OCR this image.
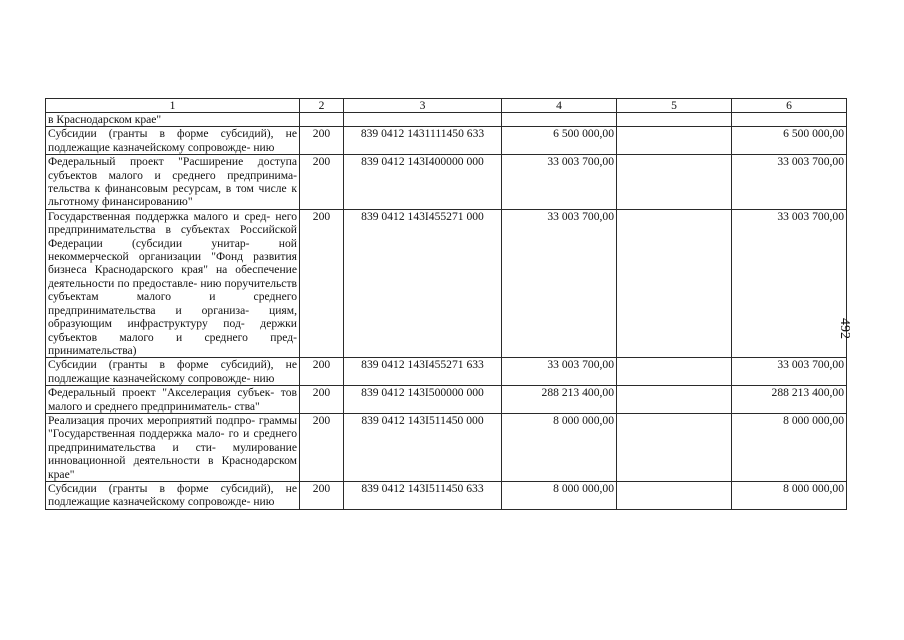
1	2	3	4	5	6
в Краснодарском крае"					
Субсидии (гранты в форме субсидий), не подлежащие казначейскому сопровожде- нию	200	839 0412 1431111450 633	6 500 000,00		6 500 000,00
Федеральный проект "Расширение доступа субъектов малого и среднего предпринима- тельства к финансовым ресурсам, в том числе к льготному финансированию"	200	839 0412 143I400000 000	33 003 700,00		33 003 700,00
Государственная поддержка малого и сред- него предпринимательства в субъектах Российской Федерации (субсидии унитар- ной некоммерческой организации "Фонд развития бизнеса Краснодарского края" на обеспечение деятельности по предоставле- нию поручительств субъектам малого и среднего предпринимательства и организа- циям, образующим инфраструктуру под- держки субъектов малого и среднего пред- принимательства)	200	839 0412 143I455271 000	33 003 700,00		33 003 700,00
Субсидии (гранты в форме субсидий), не подлежащие казначейскому сопровожде- нию	200	839 0412 143I455271 633	33 003 700,00		33 003 700,00
Федеральный проект "Акселерация субъек- тов малого и среднего предприниматель- ства"	200	839 0412 143I500000 000	288 213 400,00		288 213 400,00
Реализация прочих мероприятий подпро- граммы "Государственная поддержка мало- го и среднего предпринимательства и сти- мулирование инновационной деятельности в Краснодарском крае"	200	839 0412 143I511450 000	8 000 000,00		8 000 000,00
Субсидии (гранты в форме субсидий), не подлежащие казначейскому сопровожде- нию	200	839 0412 143I511450 633	8 000 000,00		8 000 000,00
492
